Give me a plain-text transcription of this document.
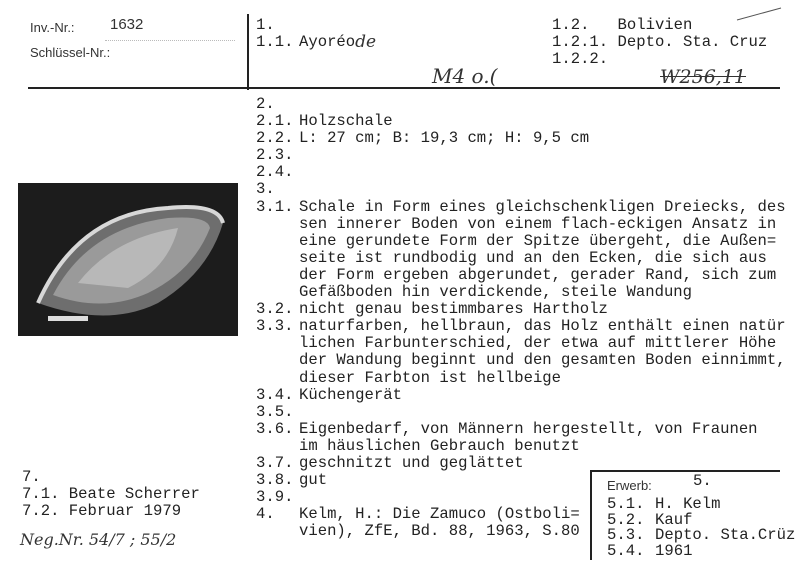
Inv.-Nr.: 1632
Schlüssel-Nr.:
1.
1.1. Ayoréo de
1.2. Bolivien
1.2.1. Depto. Sta. Cruz
1.2.2.
M4 o.(	W256,11
2.
2.1. Holzschale
2.2. L: 27 cm; B: 19,3 cm; H: 9,5 cm
2.3.
2.4.
3.
3.1. Schale in Form eines gleichschenkligen Dreiecks, des
sen innerer Boden von einem flach-eckigen Ansatz in
eine gerundete Form der Spitze übergeht, die Außen=
seite ist rundbodig und an den Ecken, die sich aus
der Form ergeben abgerundet, gerader Rand, sich zum
Gefäßboden hin verdickende, steile Wandung
3.2. nicht genau bestimmbares Hartholz
3.3. naturfarben, hellbraun, das Holz enthält einen natür
lichen Farbunterschied, der etwa auf mittlerer Höhe
der Wandung beginnt und den gesamten Boden einnimmt,
dieser Farbton ist hellbeige
3.4. Küchengerät
3.5.
3.6. Eigenbedarf, von Männern hergestellt, von Fraunen
im häuslichen Gebrauch benutzt
3.7. geschnitzt und geglättet
3.8. gut
3.9.
4.	Kelm, H.: Die Zamuco (Ostboli=
vien), ZfE, Bd. 88, 1963, S.80
7.
7.1. Beate Scherrer
7.2. Februar 1979
Neg.Nr. 54/7 ; 55/2
Erwerb:	5.
5.1. H. Kelm
5.2. Kauf
5.3. Depto. Sta.Crüz
5.4. 1961
